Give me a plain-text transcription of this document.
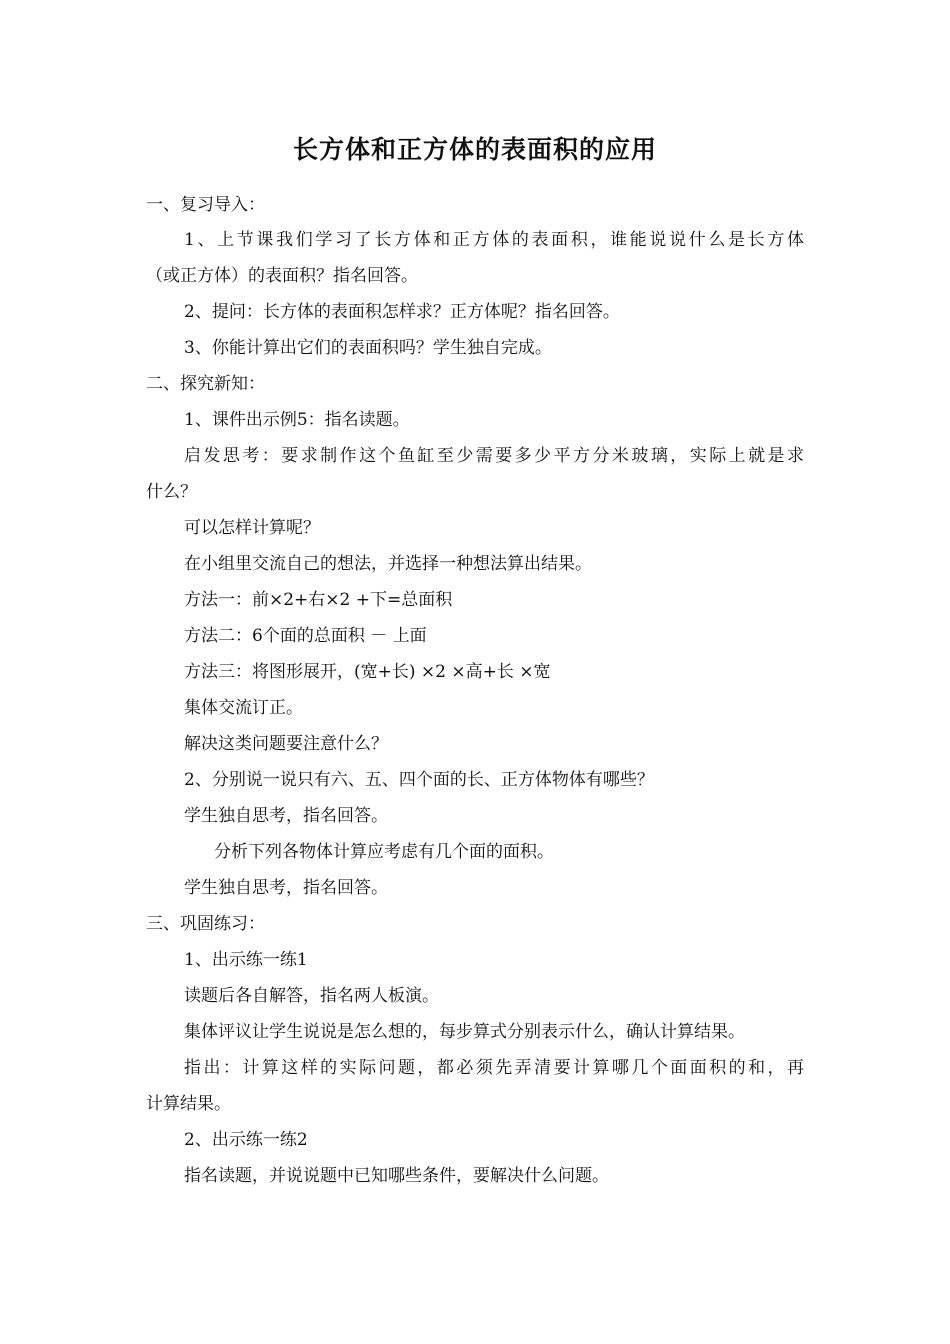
长方体和正方体的表面积的应用

一、复习导入：

1、上节课我们学习了长方体和正方体的表面积，谁能说说什么是长方体

（或正方体）的表面积？指名回答。

2、提问：长方体的表面积怎样求？正方体呢？指名回答。

3、你能计算出它们的表面积吗？学生独自完成。

二、探究新知：

1、课件出示例5：指名读题。

启发思考：要求制作这个鱼缸至少需要多少平方分米玻璃，实际上就是求

什么？

可以怎样计算呢？

在小组里交流自己的想法，并选择一种想法算出结果。

方法一：前×2+右×2 +下=总面积

方法二：6个面的总面积 － 上面

方法三：将图形展开，(宽+长) ×2 ×高+长 ×宽

集体交流订正。

解决这类问题要注意什么？

2、分别说一说只有六、五、四个面的长、正方体物体有哪些？

学生独自思考，指名回答。

分析下列各物体计算应考虑有几个面的面积。

学生独自思考，指名回答。

三、巩固练习：

1、出示练一练1

读题后各自解答，指名两人板演。

集体评议让学生说说是怎么想的，每步算式分别表示什么，确认计算结果。

指出：计算这样的实际问题，都必须先弄清要计算哪几个面面积的和，再

计算结果。

2、出示练一练2

指名读题，并说说题中已知哪些条件，要解决什么问题。
